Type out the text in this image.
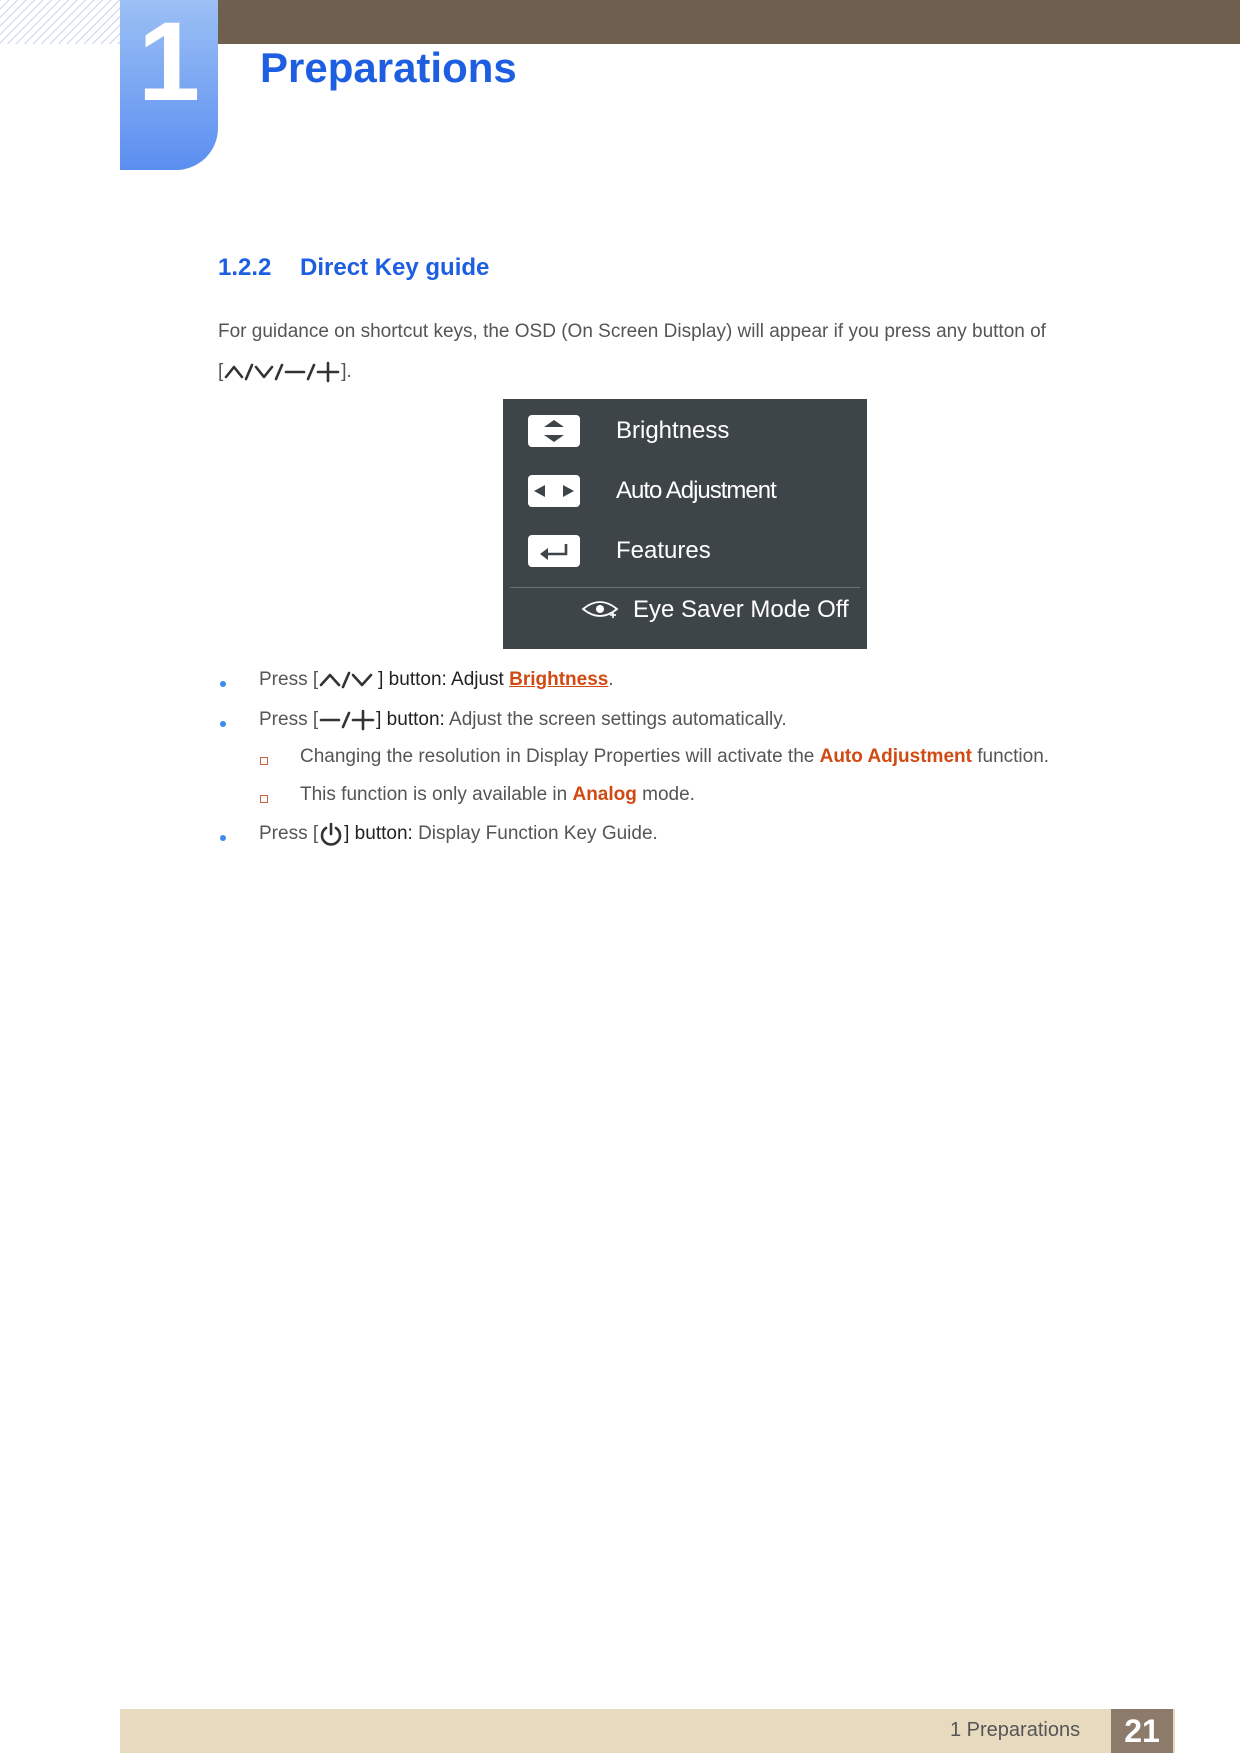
1	Preparations
1.2.2 Direct Key guide
For guidance on shortcut keys, the OSD (On Screen Display) will appear if you press any button of
[	].
Brightness
Auto Adjustment
Features
Eye Saver Mode Off
Press [	] button: Adjust Brightness.
Press [	] button: Adjust the screen settings automatically.
Changing the resolution in Display Properties will activate the Auto Adjustment function.
This function is only available in Analog mode.
Press [ ] button: Display Function Key Guide.
1 Preparations	21
